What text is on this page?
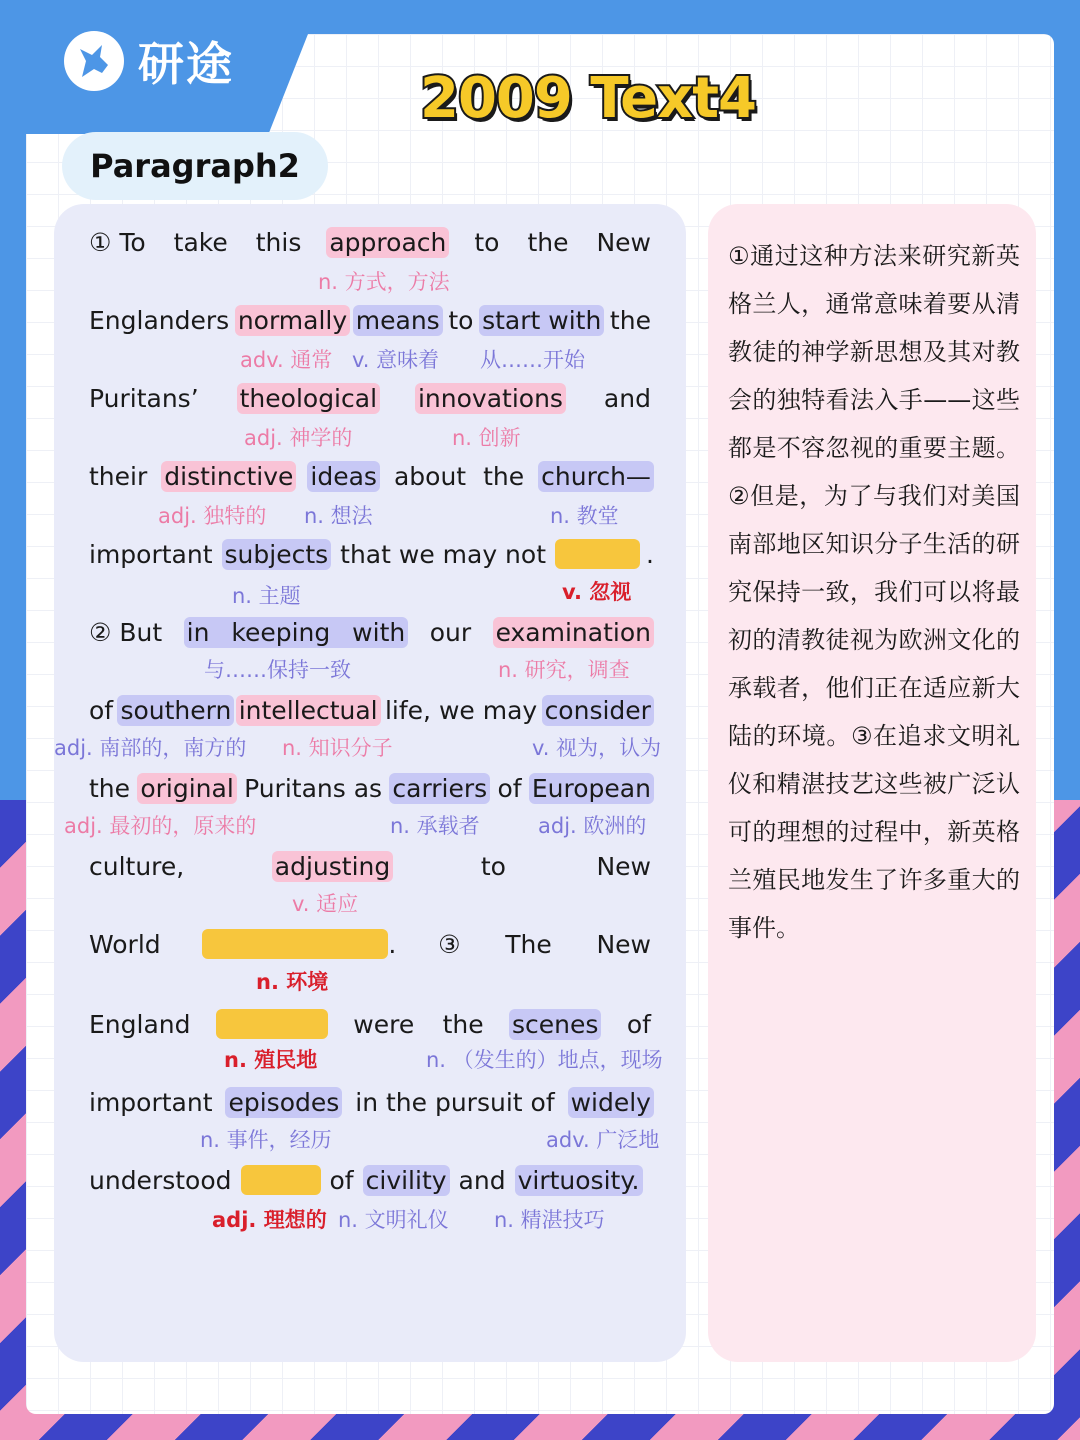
研途
2009 Text4
Paragraph2
① To take this approach to the New
n. 方式，方法
Englanders normally means to start with the
adv. 通常 v. 意味着 从……开始
Puritans’ theological innovations and
adj. 神学的	n. 创新
their distinctive ideas about the church—
adj. 独特的 n. 想法	n. 教堂
important subjects that we may not	.
n. 主题	v. 忽视
② But in keeping with our examination
与……保持一致	n. 研究，调查
of southern intellectual life, we may consider
adj. 南部的，南方的 n. 知识分子	v. 视为，认为
the original Puritans as carriers of European
adj. 最初的，原来的	n. 承载者	adj. 欧洲的
culture,	adjusting	to	New
v. 适应
World	. ③ The New
n. 环境
England	were the scenes of
n. 殖民地	n. （发生的）地点，现场
important episodes in the pursuit of widely
n. 事件，经历	adv. 广泛地
understood	of civility and virtuosity.
adj. 理想的 n. 文明礼仪 n. 精湛技巧
①通过这种方法来研究新英格兰人，通常意味着要从清教徒的神学新思想及其对教会的独特看法入手——这些都是不容忽视的重要主题。②但是，为了与我们对美国南部地区知识分子生活的研究保持一致，我们可以将最初的清教徒视为欧洲文化的承载者，他们正在适应新大陆的环境。③在追求文明礼仪和精湛技艺这些被广泛认可的理想的过程中，新英格兰殖民地发生了许多重大的事件。
